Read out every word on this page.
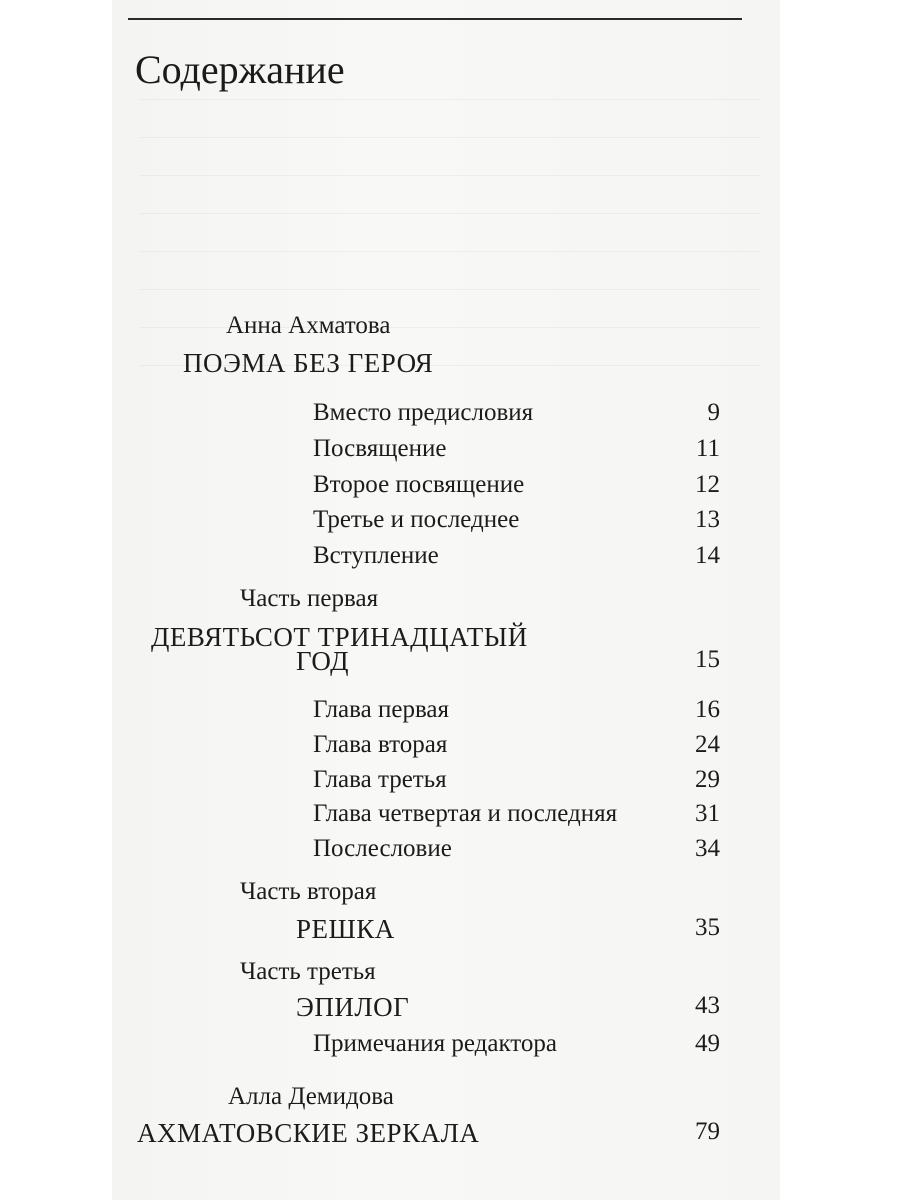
Содержание
Анна Ахматова
ПОЭМА БЕЗ ГЕРОЯ
Вместо предисловия	9
Посвящение	11
Второе посвящение	12
Третье и последнее	13
Вступление	14
Часть первая
ДЕВЯТЬСОТ ТРИНАДЦАТЫЙ
ГОД	15
Глава первая	16
Глава вторая	24
Глава третья	29
Глава четвертая и последняя	31
Послесловие	34
Часть вторая
РЕШКА	35
Часть третья
ЭПИЛОГ	43
Примечания редактора	49
Алла Демидова
АХМАТОВСКИЕ ЗЕРКАЛА	79
